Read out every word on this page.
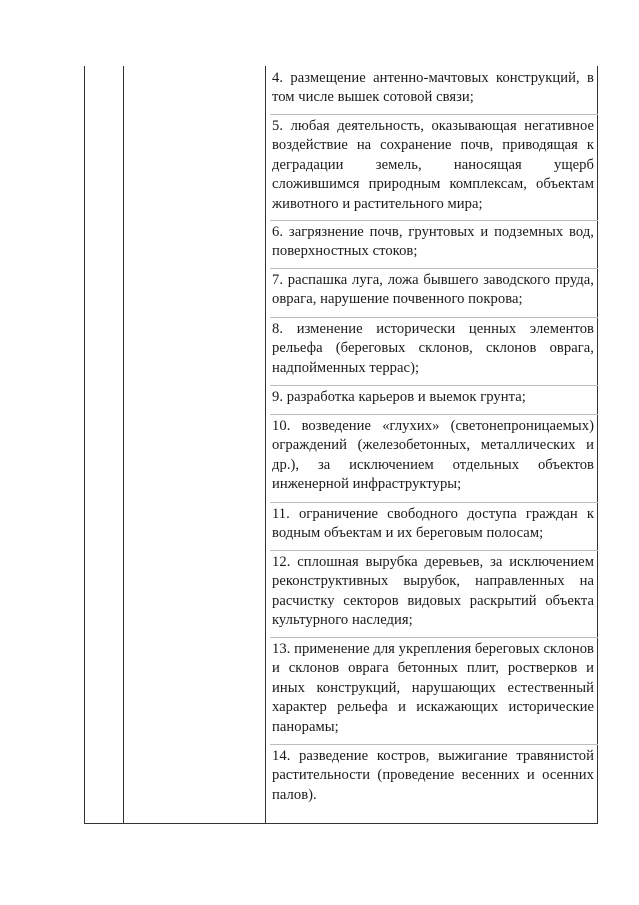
4. размещение антенно-мачтовых конструкций, в том числе вышек сотовой связи;
5. любая деятельность, оказывающая негативное воздействие на сохранение почв, приводящая к деградации земель, наносящая ущерб сложившимся природным комплексам, объектам животного и растительного мира;
6. загрязнение почв, грунтовых и подземных вод, поверхностных стоков;
7. распашка луга, ложа бывшего заводского пруда, оврага, нарушение почвенного покрова;
8. изменение исторически ценных элементов рельефа (береговых склонов, склонов оврага, надпойменных террас);
9. разработка карьеров и выемок грунта;
10. возведение «глухих» (светонепроницаемых) ограждений (железобетонных, металлических и др.), за исключением отдельных объектов инженерной инфраструктуры;
11. ограничение свободного доступа граждан к водным объектам и их береговым полосам;
12. сплошная вырубка деревьев, за исключением реконструктивных вырубок, направленных на расчистку секторов видовых раскрытий объекта культурного наследия;
13. применение для укрепления береговых склонов и склонов оврага бетонных плит, ростверков и иных конструкций, нарушающих естественный характер рельефа и искажающих исторические панорамы;
14. разведение костров, выжигание травянистой растительности (проведение весенних и осенних палов).
